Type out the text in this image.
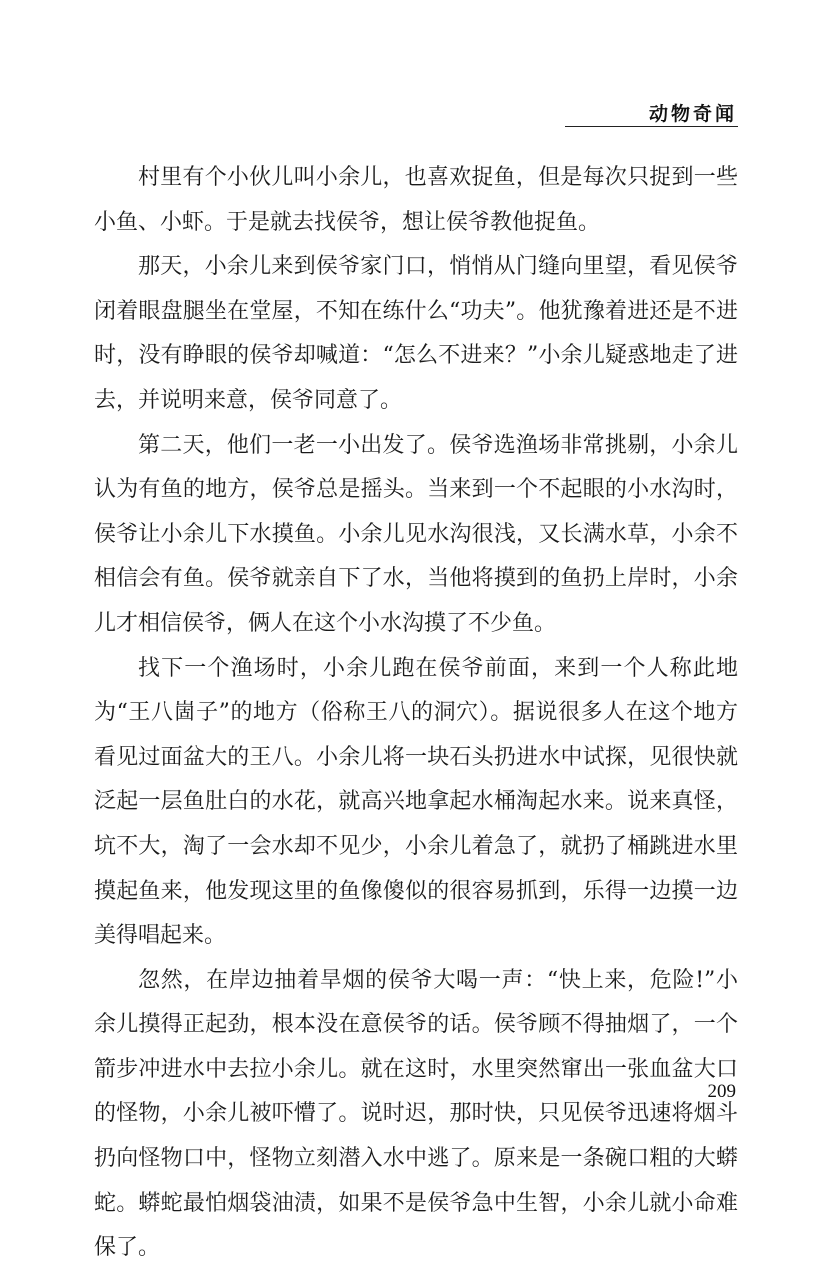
动物奇闻

村里有个小伙儿叫小余儿，也喜欢捉鱼，但是每次只捉到一些小鱼、小虾。于是就去找侯爷，想让侯爷教他捉鱼。

那天，小余儿来到侯爷家门口，悄悄从门缝向里望，看见侯爷闭着眼盘腿坐在堂屋，不知在练什么“功夫”。他犹豫着进还是不进时，没有睁眼的侯爷却喊道：“怎么不进来？”小余儿疑惑地走了进去，并说明来意，侯爷同意了。

第二天，他们一老一小出发了。侯爷选渔场非常挑剔，小余儿认为有鱼的地方，侯爷总是摇头。当来到一个不起眼的小水沟时，侯爷让小余儿下水摸鱼。小余儿见水沟很浅，又长满水草，小余不相信会有鱼。侯爷就亲自下了水，当他将摸到的鱼扔上岸时，小余儿才相信侯爷，俩人在这个小水沟摸了不少鱼。

找下一个渔场时，小余儿跑在侯爷前面，来到一个人称此地为“王八崮子”的地方（俗称王八的洞穴）。据说很多人在这个地方看见过面盆大的王八。小余儿将一块石头扔进水中试探，见很快就泛起一层鱼肚白的水花，就高兴地拿起水桶淘起水来。说来真怪，坑不大，淘了一会水却不见少，小余儿着急了，就扔了桶跳进水里摸起鱼来，他发现这里的鱼像傻似的很容易抓到，乐得一边摸一边美得唱起来。

忽然，在岸边抽着旱烟的侯爷大喝一声：“快上来，危险!”小余儿摸得正起劲，根本没在意侯爷的话。侯爷顾不得抽烟了，一个箭步冲进水中去拉小余儿。就在这时，水里突然窜出一张血盆大口的怪物，小余儿被吓懵了。说时迟，那时快，只见侯爷迅速将烟斗扔向怪物口中，怪物立刻潜入水中逃了。原来是一条碗口粗的大蟒蛇。蟒蛇最怕烟袋油渍，如果不是侯爷急中生智，小余儿就小命难保了。

209
